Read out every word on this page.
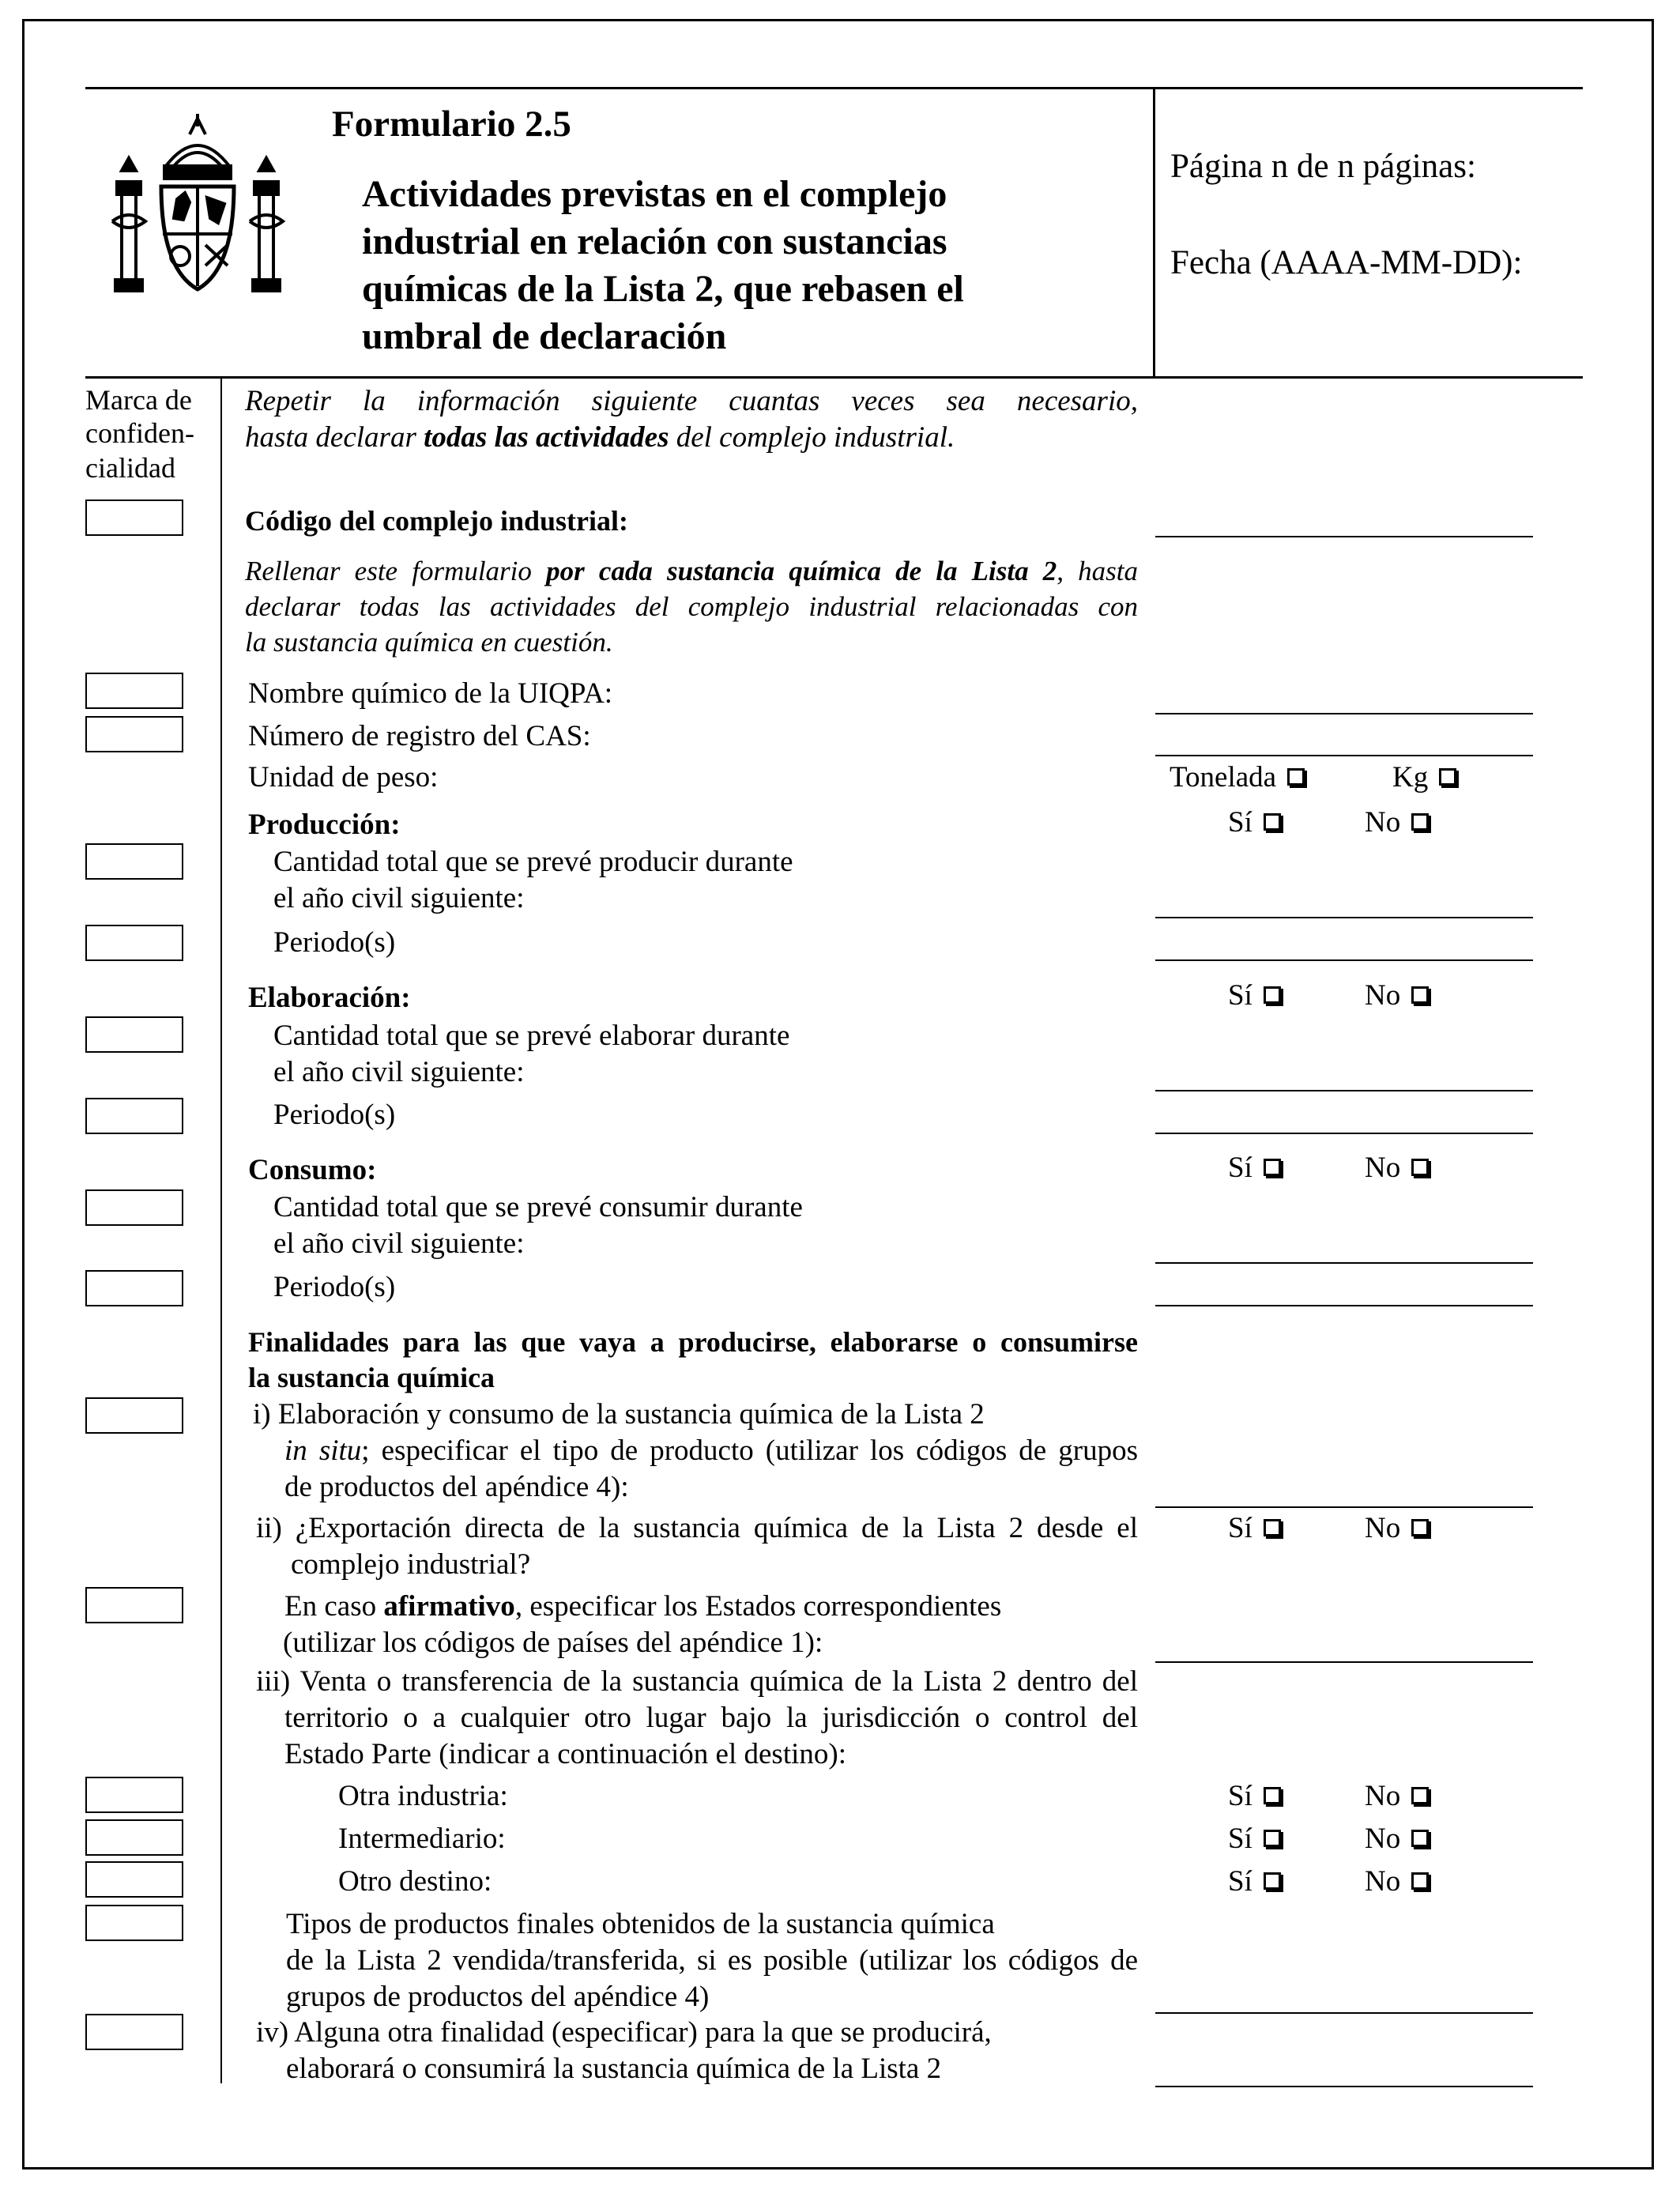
Formulario 2.5
Actividades previstas en el complejo industrial en relación con sustancias químicas de la Lista 2, que rebasen el umbral de declaración
Página n de n páginas:
Fecha (AAAA-MM-DD):
Marca de
confiden-
cialidad
Repetir la información siguiente cuantas veces sea necesario,
hasta declarar todas las actividades del complejo industrial.
Código del complejo industrial:
Rellenar este formulario por cada sustancia química de la Lista 2, hasta
declarar todas las actividades del complejo industrial relacionadas con
la sustancia química en cuestión.
Nombre químico de la UIQPA:
Número de registro del CAS:
Unidad de peso:	Tonelada	Kg
Producción:	Sí	No
Cantidad total que se prevé producir durante
el año civil siguiente:
Periodo(s)
Elaboración:	Sí	No
Cantidad total que se prevé elaborar durante
el año civil siguiente:
Periodo(s)
Consumo:	Sí	No
Cantidad total que se prevé consumir durante
el año civil siguiente:
Periodo(s)
Finalidades para las que vaya a producirse, elaborarse o consumirse
la sustancia química
i) Elaboración y consumo de la sustancia química de la Lista 2
in situ; especificar el tipo de producto (utilizar los códigos de grupos
de productos del apéndice 4):
ii) ¿Exportación directa de la sustancia química de la Lista 2 desde el	Sí	No
complejo industrial?
En caso afirmativo, especificar los Estados correspondientes
(utilizar los códigos de países del apéndice 1):
iii) Venta o transferencia de la sustancia química de la Lista 2 dentro del
territorio o a cualquier otro lugar bajo la jurisdicción o control del
Estado Parte (indicar a continuación el destino):
Otra industria:	Sí	No
Intermediario:	Sí	No
Otro destino:	Sí	No
Tipos de productos finales obtenidos de la sustancia química
de la Lista 2 vendida/transferida, si es posible (utilizar los códigos de
grupos de productos del apéndice 4)
iv) Alguna otra finalidad (especificar) para la que se producirá,
elaborará o consumirá la sustancia química de la Lista 2
